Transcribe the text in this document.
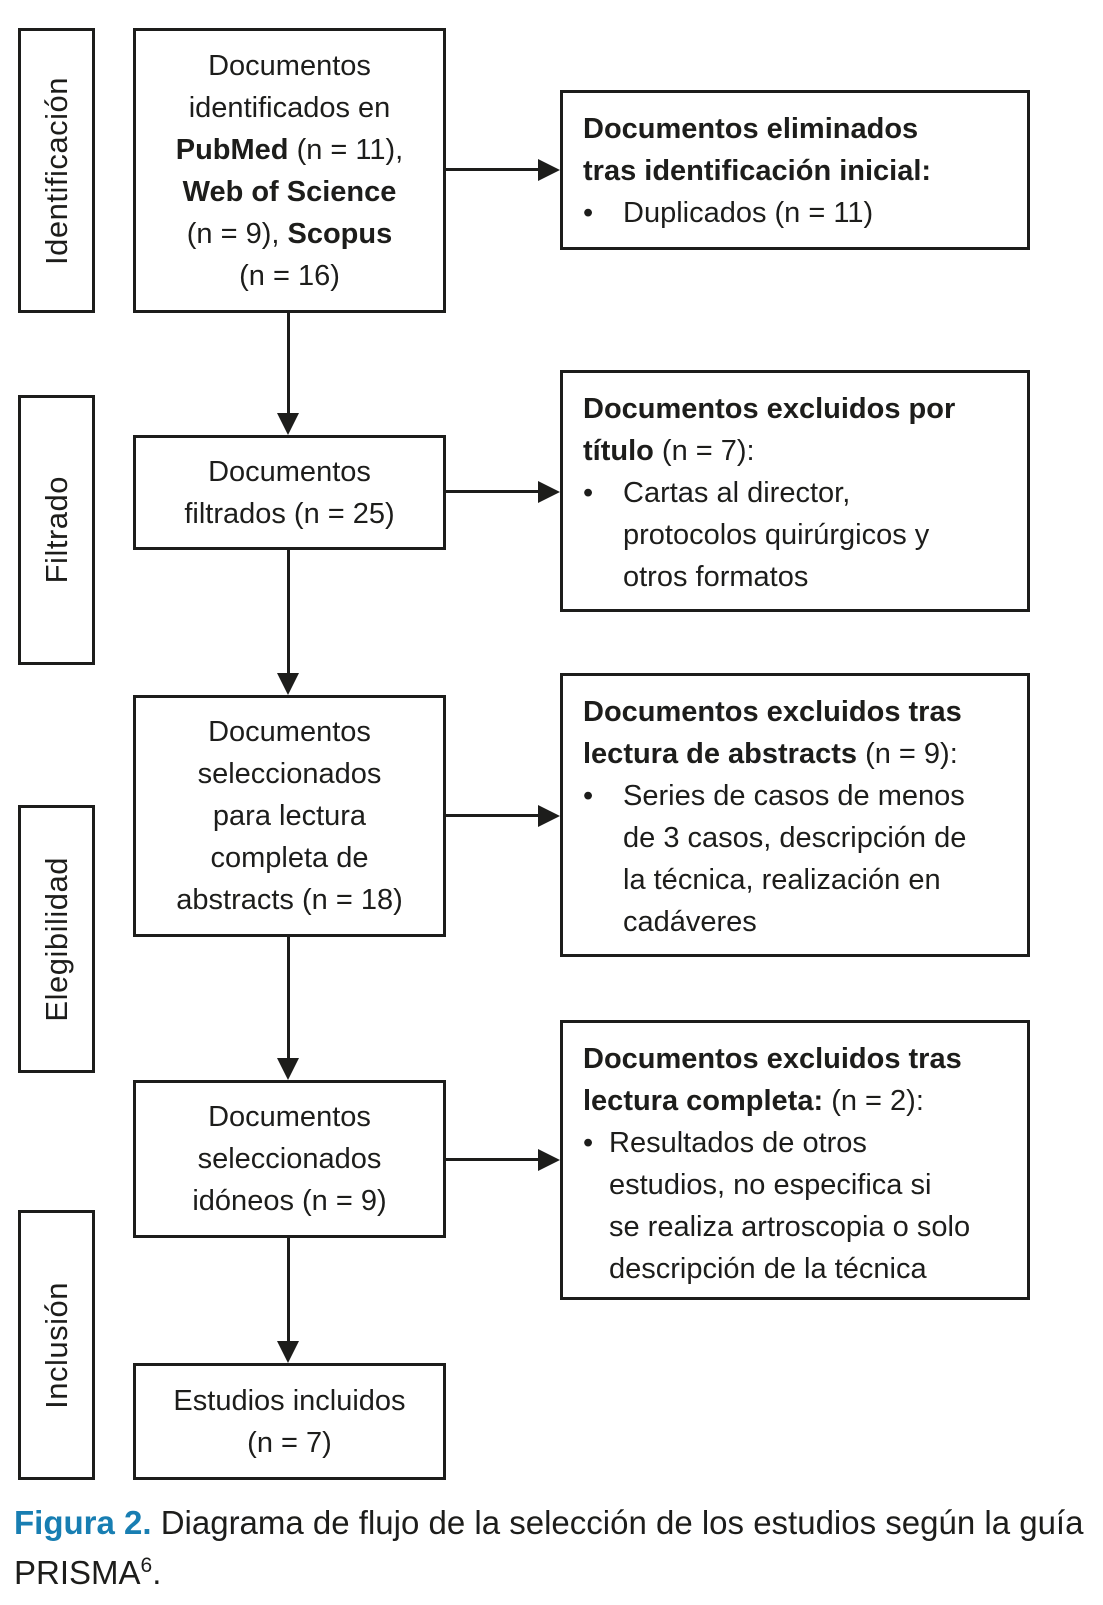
Identificación
Filtrado
Elegibilidad
Inclusión
Documentos
identificados en
PubMed (n = 11),
Web of Science
(n = 9), Scopus
(n = 16)
Documentos
filtrados (n = 25)
Documentos
seleccionados
para lectura
completa de
abstracts (n = 18)
Documentos
seleccionados
idóneos (n = 9)
Estudios incluidos
(n = 7)
Documentos eliminados
tras identificación inicial:
•	Duplicados (n = 11)
Documentos excluidos por
título (n = 7):
•	Cartas al director,
protocolos quirúrgicos y
otros formatos
Documentos excluidos tras
lectura de abstracts (n = 9):
•	Series de casos de menos
de 3 casos, descripción de
la técnica, realización en
cadáveres
Documentos excluidos tras
lectura completa: (n = 2):
• Resultados de otros
estudios, no especifica si
se realiza artroscopia o solo
descripción de la técnica

Figura 2. Diagrama de flujo de la selección de los estudios según la guía PRISMA$^6$.
